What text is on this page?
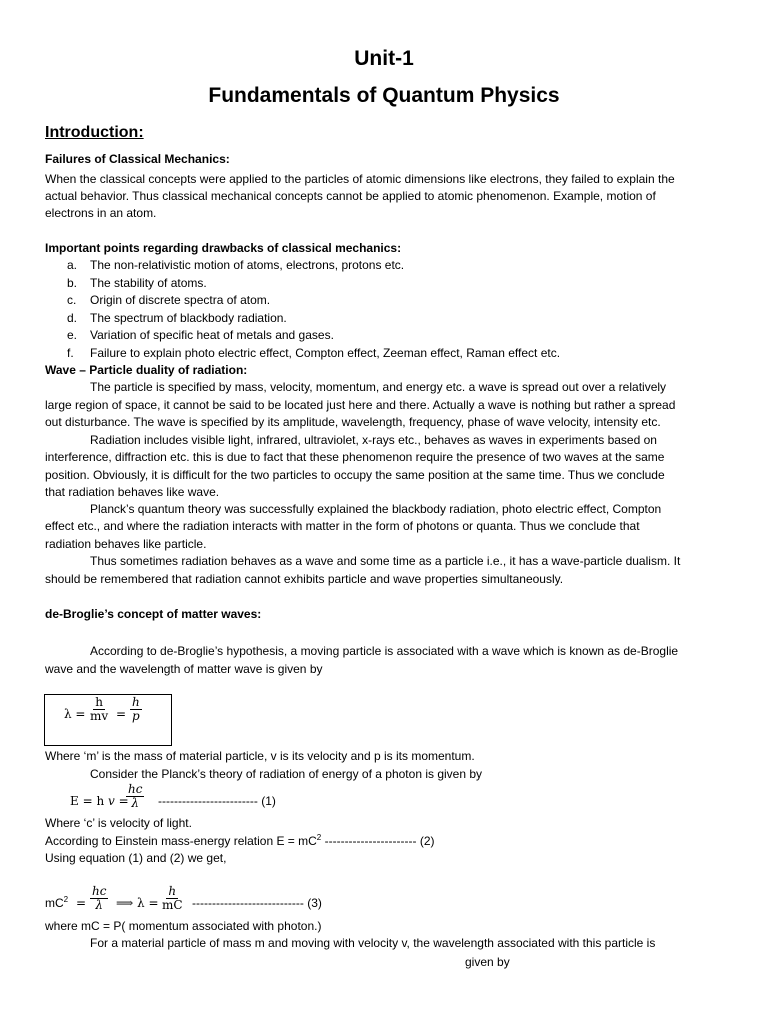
Unit-1
Fundamentals of Quantum Physics
Introduction:
Failures of Classical Mechanics:
When the classical concepts were applied to the particles of atomic dimensions like electrons, they failed to explain the
actual behavior. Thus classical mechanical concepts cannot be applied to atomic phenomenon. Example, motion of
electrons in an atom.
Important points regarding drawbacks of classical mechanics:
a. The non-relativistic motion of atoms, electrons, protons etc.
b. The stability of atoms.
c. Origin of discrete spectra of atom.
d. The spectrum of blackbody radiation.
e. Variation of specific heat of metals and gases.
f. Failure to explain photo electric effect, Compton effect, Zeeman effect, Raman effect etc.
Wave – Particle duality of radiation:
The particle is specified by mass, velocity, momentum, and energy etc. a wave is spread out over a relatively
large region of space, it cannot be said to be located just here and there. Actually a wave is nothing but rather a spread
out disturbance. The wave is specified by its amplitude, wavelength, frequency, phase of wave velocity, intensity etc.
Radiation includes visible light, infrared, ultraviolet, x-rays etc., behaves as waves in experiments based on
interference, diffraction etc. this is due to fact that these phenomenon require the presence of two waves at the same
position. Obviously, it is difficult for the two particles to occupy the same position at the same time. Thus we conclude
that radiation behaves like wave.
Planck’s quantum theory was successfully explained the blackbody radiation, photo electric effect, Compton
effect etc., and where the radiation interacts with matter in the form of photons or quanta. Thus we conclude that
radiation behaves like particle.
Thus sometimes radiation behaves as a wave and some time as a particle i.e., it has a wave-particle dualism. It
should be remembered that radiation cannot exhibits particle and wave properties simultaneously.
de-Broglie’s concept of matter waves:
According to de-Broglie’s hypothesis, a moving particle is associated with a wave which is known as de-Broglie
wave and the wavelength of matter wave is given by
$\lambda = \frac{h}{mv}$ =
ℎ
𝑝
Where ‘m’ is the mass of material particle, v is its velocity and p is its momentum.
Consider the Planck’s theory of radiation of energy of a photon is given by
E = h 𝑣 =
ℎ𝑐
λ ------------------------- (1)
Where ‘c’ is velocity of light.
According to Einstein mass-energy relation $E = mC^2$ ----------------------- (2)
Using equation (1) and (2) we get,
$mC^2$ =
ℎ𝑐
λ ⟹ λ =
ℎ
mC ---------------------------- (3)
where mC = P( momentum associated with photon.)
For a material particle of mass m and moving with velocity v, the wavelength associated with this particle is
given by
